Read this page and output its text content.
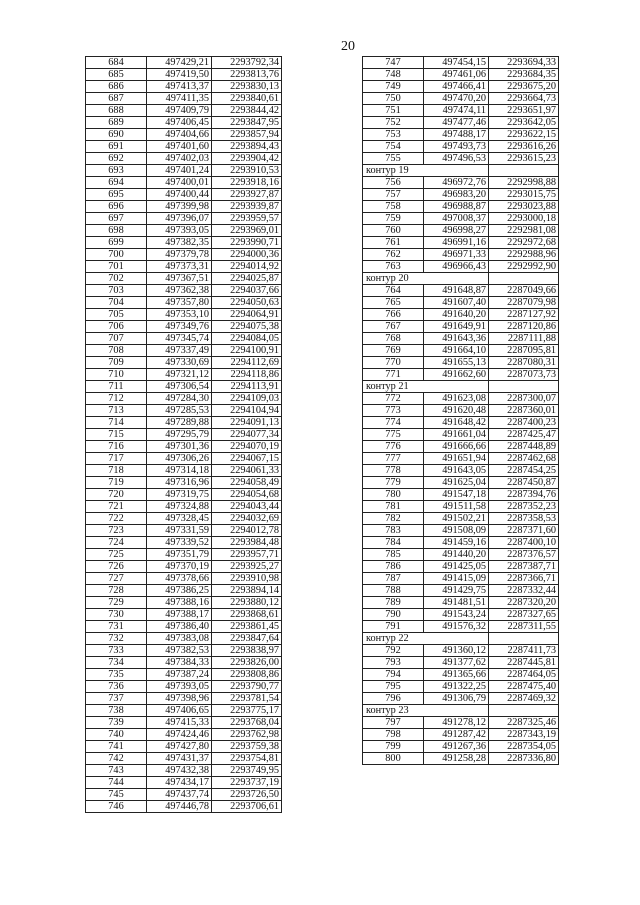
20
684	497429,21	2293792,34
685	497419,50	2293813,76
686	497413,37	2293830,13
687	497411,35	2293840,61
688	497409,79	2293844,42
689	497406,45	2293847,95
690	497404,66	2293857,94
691	497401,60	2293894,43
692	497402,03	2293904,42
693	497401,24	2293910,53
694	497400,01	2293918,16
695	497400,44	2293927,87
696	497399,98	2293939,87
697	497396,07	2293959,57
698	497393,05	2293969,01
699	497382,35	2293990,71
700	497379,78	2294000,36
701	497373,31	2294014,92
702	497367,51	2294025,87
703	497362,38	2294037,66
704	497357,80	2294050,63
705	497353,10	2294064,91
706	497349,76	2294075,38
707	497345,74	2294084,05
708	497337,49	2294100,91
709	497330,69	2294112,69
710	497321,12	2294118,86
711	497306,54	2294113,91
712	497284,30	2294109,03
713	497285,53	2294104,94
714	497289,88	2294091,13
715	497295,79	2294077,34
716	497301,36	2294070,19
717	497306,26	2294067,15
718	497314,18	2294061,33
719	497316,96	2294058,49
720	497319,75	2294054,68
721	497324,88	2294043,44
722	497328,45	2294032,69
723	497331,59	2294012,78
724	497339,52	2293984,48
725	497351,79	2293957,71
726	497370,19	2293925,27
727	497378,66	2293910,98
728	497386,25	2293894,14
729	497388,16	2293880,12
730	497388,17	2293868,61
731	497386,40	2293861,45
732	497383,08	2293847,64
733	497382,53	2293838,97
734	497384,33	2293826,00
735	497387,24	2293808,86
736	497393,05	2293790,77
737	497398,96	2293781,54
738	497406,65	2293775,17
739	497415,33	2293768,04
740	497424,46	2293762,98
741	497427,80	2293759,38
742	497431,37	2293754,81
743	497432,38	2293749,95
744	497434,17	2293737,19
745	497437,74	2293726,50
746	497446,78	2293706,61
747	497454,15	2293694,33
748	497461,06	2293684,35
749	497466,41	2293675,20
750	497470,20	2293664,73
751	497474,11	2293651,97
752	497477,46	2293642,05
753	497488,17	2293622,15
754	497493,73	2293616,26
755	497496,53	2293615,23
контур 19		
756	496972,76	2292998,88
757	496983,20	2293015,75
758	496988,87	2293023,88
759	497008,37	2293000,18
760	496998,27	2292981,08
761	496991,16	2292972,68
762	496971,33	2292988,96
763	496966,43	2292992,90
контур 20		
764	491648,87	2287049,66
765	491607,40	2287079,98
766	491640,20	2287127,92
767	491649,91	2287120,86
768	491643,36	2287111,88
769	491664,10	2287095,81
770	491655,13	2287080,31
771	491662,60	2287073,73
контур 21		
772	491623,08	2287300,07
773	491620,48	2287360,01
774	491648,42	2287400,23
775	491661,04	2287425,47
776	491666,66	2287448,89
777	491651,94	2287462,68
778	491643,05	2287454,25
779	491625,04	2287450,87
780	491547,18	2287394,76
781	491511,58	2287352,23
782	491502,21	2287358,53
783	491508,09	2287371,60
784	491459,16	2287400,10
785	491440,20	2287376,57
786	491425,05	2287387,71
787	491415,09	2287366,71
788	491429,75	2287332,44
789	491481,51	2287320,20
790	491543,24	2287327,65
791	491576,32	2287311,55
контур 22		
792	491360,12	2287411,73
793	491377,62	2287445,81
794	491365,66	2287464,05
795	491322,25	2287475,40
796	491306,79	2287469,32
контур 23		
797	491278,12	2287325,46
798	491287,42	2287343,19
799	491267,36	2287354,05
800	491258,28	2287336,80
